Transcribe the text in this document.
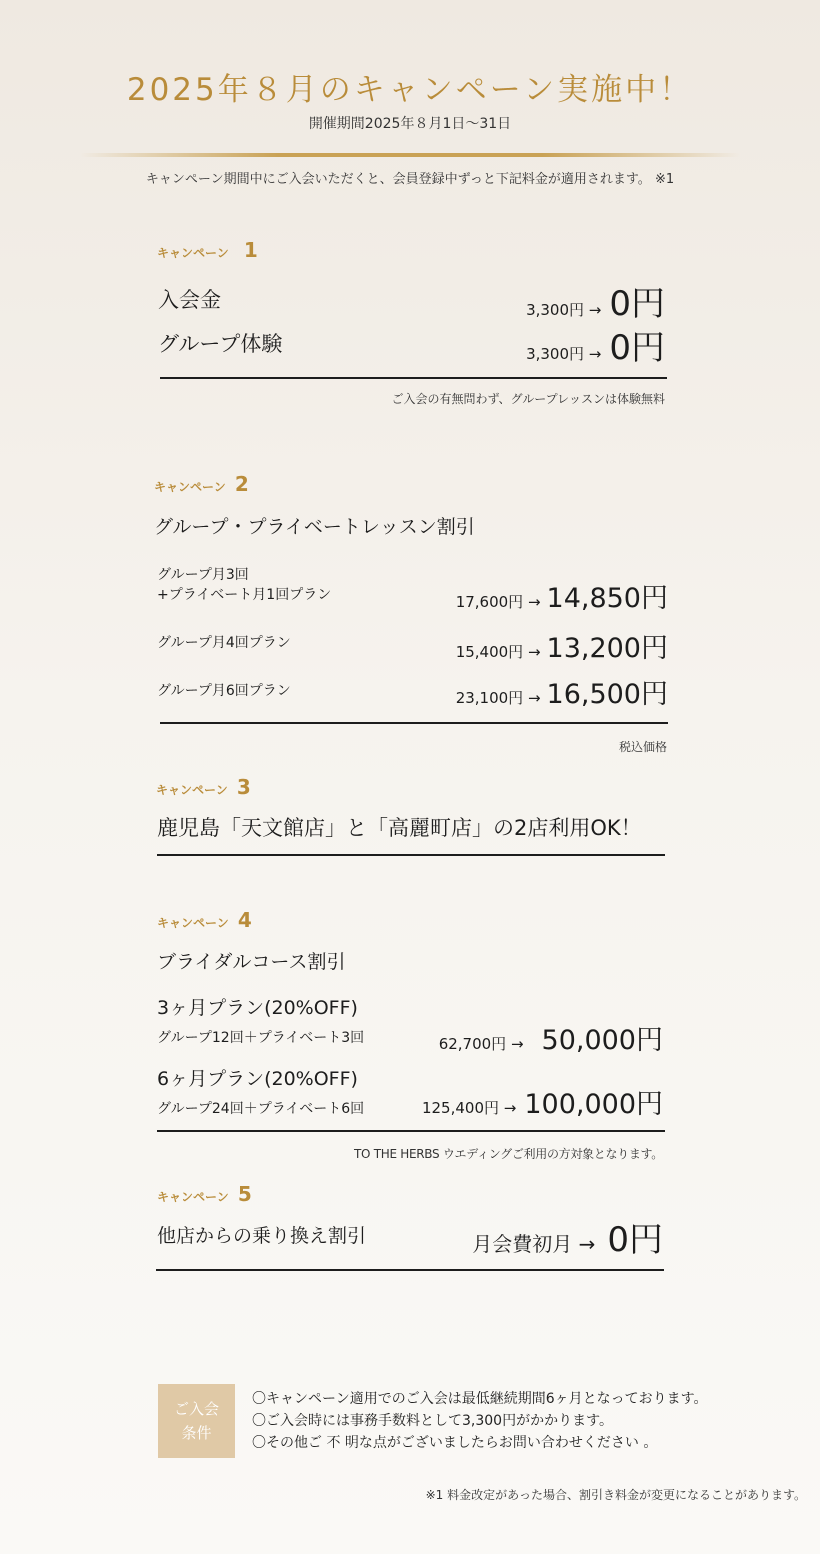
2025年８月のキャンペーン実施中！
開催期間2025年８月1日〜31日
キャンペーン期間中にご入会いただくと、会員登録中ずっと下記料金が適用されます。 ※1
キャンペーン 1
入会金	3,300円 → 0円
グループ体験	3,300円 → 0円
ご入会の有無問わず、グループレッスンは体験無料
キャンペーン 2
グループ・プライベートレッスン割引
グループ月3回
+プライベート月1回プラン	17,600円 → 14,850円
グループ月4回プラン	15,400円 → 13,200円
グループ月6回プラン	23,100円 → 16,500円
税込価格
キャンペーン 3
鹿児島「天文館店」と「高麗町店」の2店利用OK！
キャンペーン 4
ブライダルコース割引
3ヶ月プラン(20%OFF)
グループ12回＋プライベート3回	62,700円 → 50,000円
6ヶ月プラン(20%OFF)
グループ24回＋プライベート6回	125,400円 → 100,000円
TO THE HERBS ウエディングご利用の方対象となります。
キャンペーン 5
他店からの乗り換え割引	月会費初月 → 0円
ご入会
条件
〇キャンペーン適用でのご入会は最低継続期間6ヶ月となっております。
〇ご入会時には事務手数料として3,300円がかかります。
〇その他ご 不 明な点がございましたらお問い合わせください 。
※1 料金改定があった場合、割引き料金が変更になることがあります。
